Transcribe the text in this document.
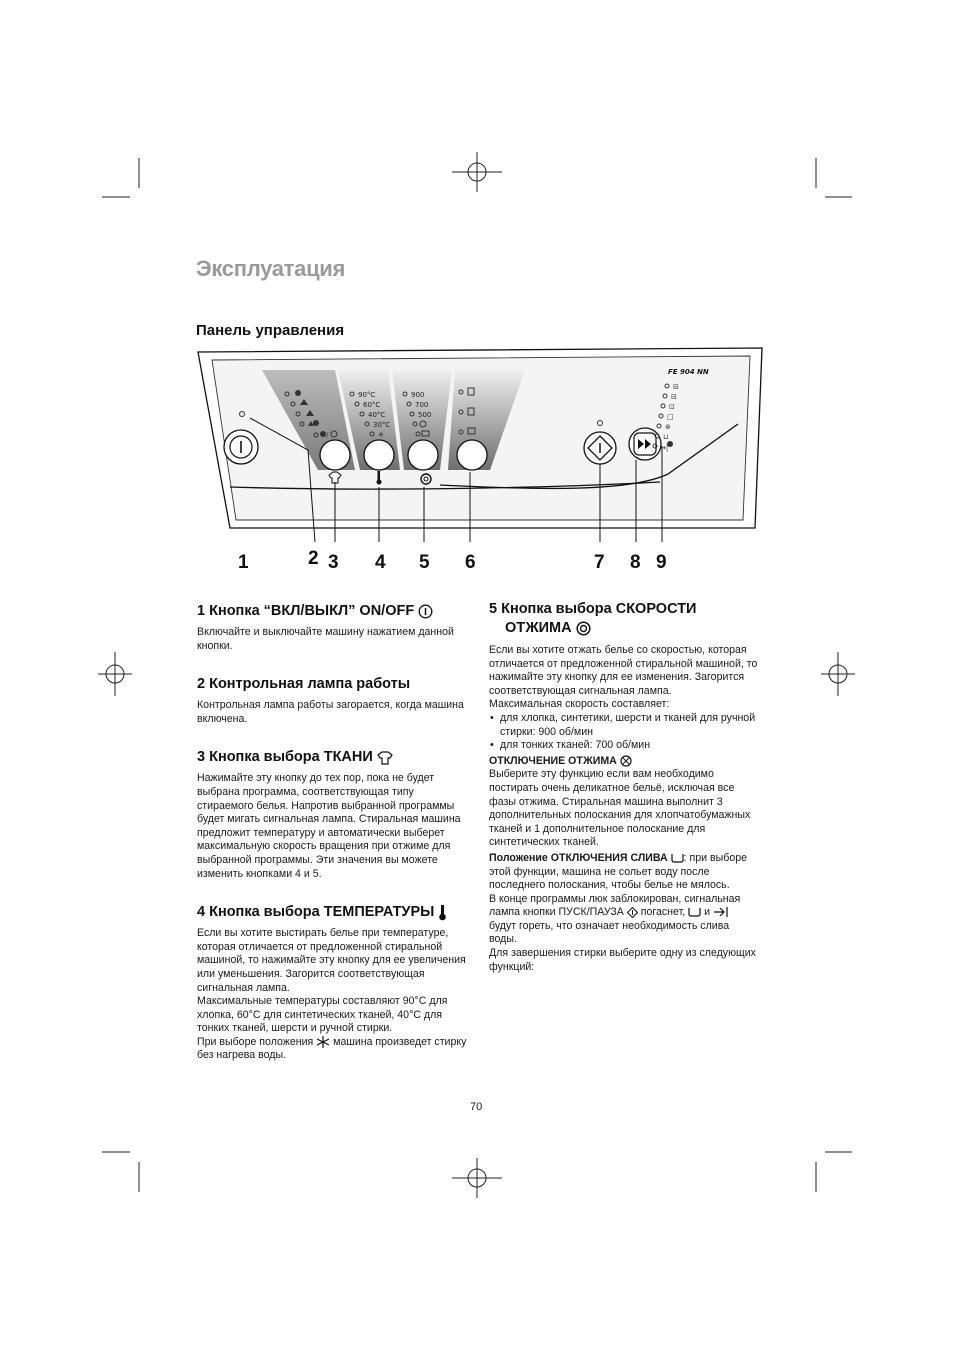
Эксплуатация
Панель управления
/
90°C
60°C
40°C
30°C
✳
900
700
500
⊟
⊟
⊡
□
⊛
⊔
→|
FE 904 NN
1	2 3 4 5 6	7 8 9
1 Кнопка “ВКЛ/ВЫКЛ” ON/OFF

Включайте и выключайте машину нажатием данной кнопки.

2 Контрольная лампа работы

Контрольная лампа работы загорается, когда машина включена.

3 Кнопка выбора ТКАНИ

Нажимайте эту кнопку до тех пор, пока не будет выбрана программа, соответствующая типу стираемого белья. Напротив выбранной программы будет мигать сигнальная лампа. Стиральная машина предложит температуру и автоматически выберет максимальную скорость вращения при отжиме для выбранной программы. Эти значения вы можете изменить кнопками 4 и 5.

4 Кнопка выбора ТЕМПЕРАТУРЫ

Если вы хотите выстирать белье при температуре, которая отличается от предложенной стиральной машиной, то нажимайте эту кнопку для ее увеличения или уменьшения. Загорится соответствующая сигнальная лампа.

Максимальные температуры составляют 90°C для хлопка, 60°C для синтетических тканей, 40°C для тонких тканей, шерсти и ручной стирки.

При выборе положения машина произведет стирку без нагрева воды.

5 Кнопка выбора СКОРОСТИ
ОТЖИМА

Если вы хотите отжать белье со скоростью, которая отличается от предложенной стиральной машиной, то нажимайте эту кнопку для ее изменения. Загорится соответствующая сигнальная лампа.

Максимальная скорость составляет:

• для хлопка, синтетики, шерсти и тканей для ручной стирки: 900 об/мин

• для тонких тканей: 700 об/мин

ОТКЛЮЧЕНИЕ ОТЖИМА

Выберите эту функцию если вам необходимо постирать очень деликатное бельё, исключая все фазы отжима. Стиральная машина выполнит 3 дополнительных полоскания для хлопчатобумажных тканей и 1 дополнительное полоскание для синтетических тканей.

Положение ОТКЛЮЧЕНИЯ СЛИВА : при выборе этой функции, машина не сольет воду после последнего полоскания, чтобы белье не мялось.

В конце программы люк заблокирован, сигнальная лампа кнопки ПУСК/ПАУЗА погаснет, и  будут гореть, что означает необходимость слива воды.

Для завершения стирки выберите одну из следующих функций:

70
